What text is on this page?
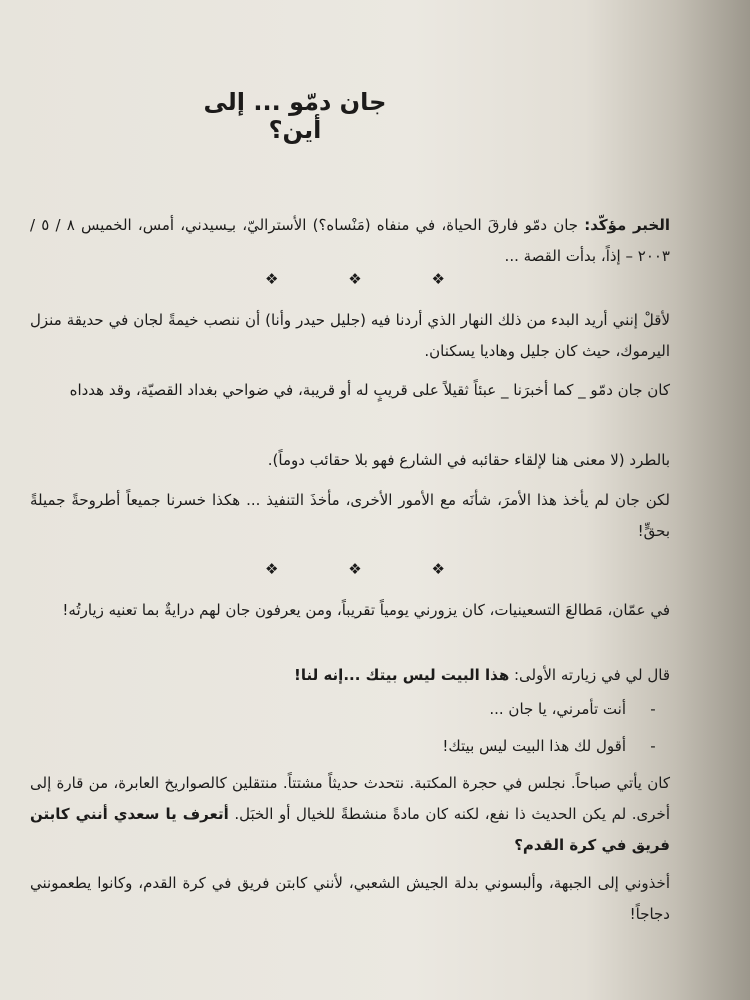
جان دمّو ... إلى أين؟
الخبر مؤكّد: جان دمّو فارقَ الحياة، في منفاه (مَنْساه؟) الأستراليّ، بـِسيدني، أمس، الخميس ٨ / ٥ / ٢٠٠٣ – إذاً، بدأت القصة ...
❖	❖	❖
لأقلْ إنني أريد البدء من ذلك النهار الذي أردنا فيه (جليل حيدر وأنا) أن ننصب خيمةً لجان في حديقة منزل اليرموك، حيث كان جليل وهاديا يسكنان.
كان جان دمّو _ كما أخبرَنا _ عبئاً ثقيلاً على قريبٍ له أو قريبة، في ضواحي بغداد القصيّة، وقد هدداه
بالطرد (لا معنى هنا لإلقاء حقائبه في الشارع فهو بلا حقائب دوماً).
لكن جان لم يأخذ هذا الأمرَ، شأنَه مع الأمور الأخرى، مأخذَ التنفيذ ... هكذا خسرنا جميعاً أطروحةً جميلةً بحقٍّ!
❖	❖	❖
في عمّان، مَطالعَ التسعينيات، كان يزورني يومياً تقريباً، ومن يعرفون جان لهم درايةٌ بما تعنيه زيارتُه!
قال لي في زيارته الأولى: هذا البيت ليس بيتك ...إنه لنا!
-
أنت تأمرني، يا جان ...
-
أقول لك هذا البيت ليس بيتك!
كان يأتي صباحاً. نجلس في حجرة المكتبة. نتحدث حديثاً مشتتاً. منتقلين كالصواريخ العابرة، من قارة إلى أخرى. لم يكن الحديث ذا نفع، لكنه كان مادةً منشطةً للخيال أو الخبَل. أتعرف يا سعدي أنني كابتن فريق في كرة القدم؟
أخذوني إلى الجبهة، وألبسوني بدلة الجيش الشعبي، لأنني كابتن فريق في كرة القدم، وكانوا يطعمونني دجاجاً!
